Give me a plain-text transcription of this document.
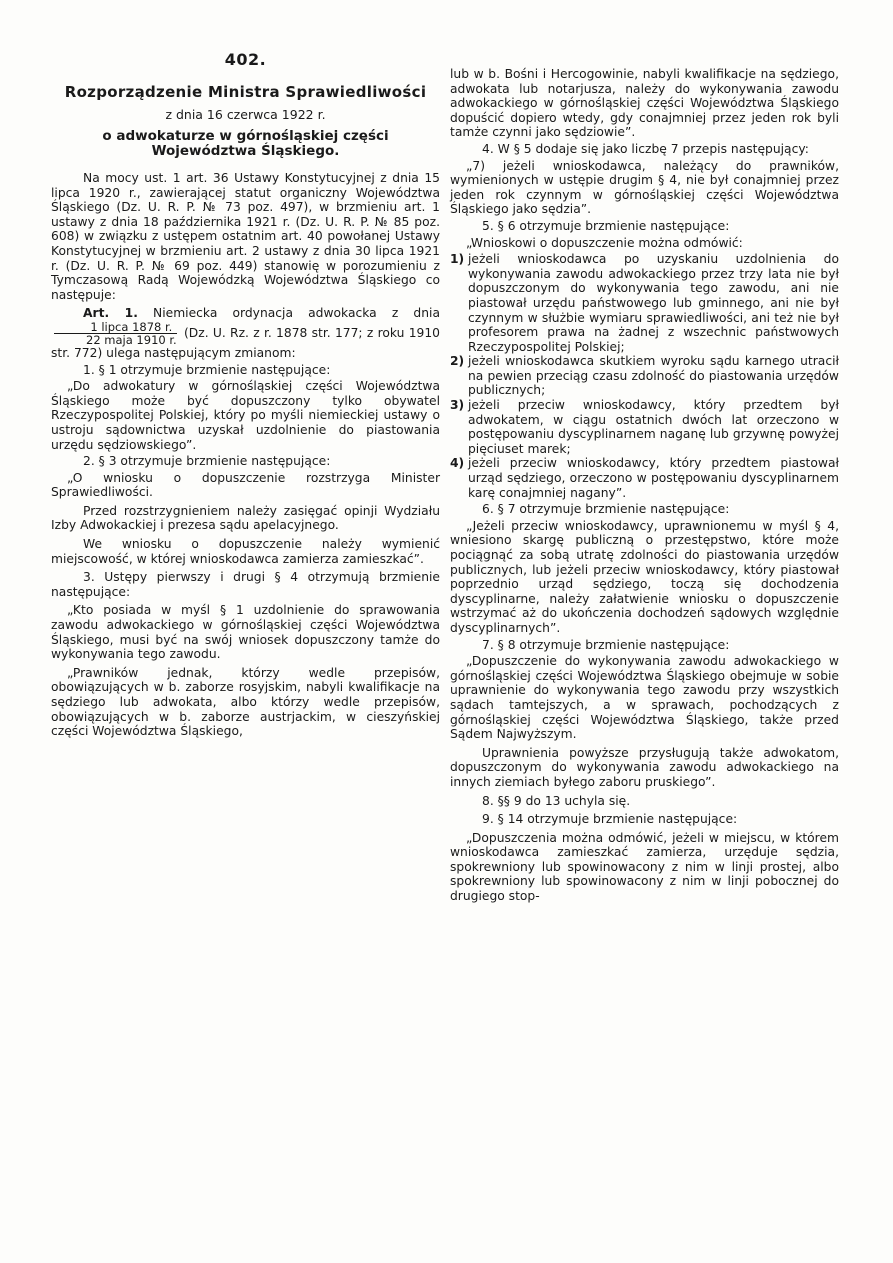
402.
Rozporządzenie Ministra Sprawiedliwości
z dnia 16 czerwca 1922 r.
o adwokaturze w górnośląskiej części Województwa Śląskiego.

Na mocy ust. 1 art. 36 Ustawy Konstytucyjnej z dnia 15 lipca 1920 r., zawierającej statut organiczny Województwa Śląskiego (Dz. U. R. P. № 73 poz. 497), w brzmieniu art. 1 ustawy z dnia 18 października 1921 r. (Dz. U. R. P. № 85 poz. 608) w związku z ustępem ostatnim art. 40 powołanej Ustawy Konstytucyjnej w brzmieniu art. 2 ustawy z dnia 30 lipca 1921 r. (Dz. U. R. P. № 69 poz. 449) stanowię w porozumieniu z Tymczasową Radą Wojewódzką Województwa Śląskiego co następuje:

Art. 1. Niemiecka ordynacja adwokacka z dnia
$\frac{\text{1 lipca 1878 r.}}{\text{22 maja 1910 r.}} (Dz$. U. Rz. z r. 1878 str. 177; z roku 1910 str. 772) ulega następującym zmianom:

1. § 1 otrzymuje brzmienie następujące:

„Do adwokatury w górnośląskiej części Województwa Śląskiego może być dopuszczony tylko obywatel Rzeczypospolitej Polskiej, który po myśli niemieckiej ustawy o ustroju sądownictwa uzyskał uzdolnienie do piastowania urzędu sędziowskiego”.

2. § 3 otrzymuje brzmienie następujące:

„O wniosku o dopuszczenie rozstrzyga Minister Sprawiedliwości.

Przed rozstrzygnieniem należy zasięgać opinji Wydziału Izby Adwokackiej i prezesa sądu apelacyjnego.

We wniosku o dopuszczenie należy wymienić miejscowość, w której wnioskodawca zamierza zamieszkać”.

3. Ustępy pierwszy i drugi § 4 otrzymują brzmienie następujące:

„Kto posiada w myśl § 1 uzdolnienie do sprawowania zawodu adwokackiego w górnośląskiej części Województwa Śląskiego, musi być na swój wniosek dopuszczony tamże do wykonywania tego zawodu.

„Prawników jednak, którzy wedle przepisów, obowiązujących w b. zaborze rosyjskim, nabyli kwalifikacje na sędziego lub adwokata, albo którzy wedle przepisów, obowiązujących w b. zaborze austrjackim, w cieszyńskiej części Województwa Śląskiego,

lub w b. Bośni i Hercogowinie, nabyli kwalifikacje na sędziego, adwokata lub notarjusza, należy do wykonywania zawodu adwokackiego w górnośląskiej części Województwa Śląskiego dopuścić dopiero wtedy, gdy conajmniej przez jeden rok byli tamże czynni jako sędziowie”.

4. W § 5 dodaje się jako liczbę 7 przepis następujący:

„7) jeżeli wnioskodawca, należący do prawników, wymienionych w ustępie drugim § 4, nie był conajmniej przez jeden rok czynnym w górnośląskiej części Województwa Śląskiego jako sędzia”.

5. § 6 otrzymuje brzmienie następujące:

„Wnioskowi o dopuszczenie można odmówić:

1) jeżeli wnioskodawca po uzyskaniu uzdolnienia do wykonywania zawodu adwokackiego przez trzy lata nie był dopuszczonym do wykonywania tego zawodu, ani nie piastował urzędu państwowego lub gminnego, ani nie był czynnym w służbie wymiaru sprawiedliwości, ani też nie był profesorem prawa na żadnej z wszechnic państwowych Rzeczypospolitej Polskiej;
2) jeżeli wnioskodawca skutkiem wyroku sądu karnego utracił na pewien przeciąg czasu zdolność do piastowania urzędów publicznych;
3) jeżeli przeciw wnioskodawcy, który przedtem był adwokatem, w ciągu ostatnich dwóch lat orzeczono w postępowaniu dyscyplinarnem naganę lub grzywnę powyżej pięciuset marek;
4) jeżeli przeciw wnioskodawcy, który przedtem piastował urząd sędziego, orzeczono w postępowaniu dyscyplinarnem karę conajmniej nagany”.

6. § 7 otrzymuje brzmienie następujące:

„Jeżeli przeciw wnioskodawcy, uprawnionemu w myśl § 4, wniesiono skargę publiczną o przestępstwo, które może pociągnąć za sobą utratę zdolności do piastowania urzędów publicznych, lub jeżeli przeciw wnioskodawcy, który piastował poprzednio urząd sędziego, toczą się dochodzenia dyscyplinarne, należy załatwienie wniosku o dopuszczenie wstrzymać aż do ukończenia dochodzeń sądowych względnie dyscyplinarnych”.

7. § 8 otrzymuje brzmienie następujące:

„Dopuszczenie do wykonywania zawodu adwokackiego w górnośląskiej części Województwa Śląskiego obejmuje w sobie uprawnienie do wykonywania tego zawodu przy wszystkich sądach tamtejszych, a w sprawach, pochodzących z górnośląskiej części Województwa Śląskiego, także przed Sądem Najwyższym.

Uprawnienia powyższe przysługują także adwokatom, dopuszczonym do wykonywania zawodu adwokackiego na innych ziemiach byłego zaboru pruskiego”.

8. §§ 9 do 13 uchyla się.

9. § 14 otrzymuje brzmienie następujące:

„Dopuszczenia można odmówić, jeżeli w miejscu, w którem wnioskodawca zamieszkać zamierza, urzęduje sędzia, spokrewniony lub spowinowacony z nim w linji prostej, albo spokrewniony lub spowinowacony z nim w linji pobocznej do drugiego stop-
